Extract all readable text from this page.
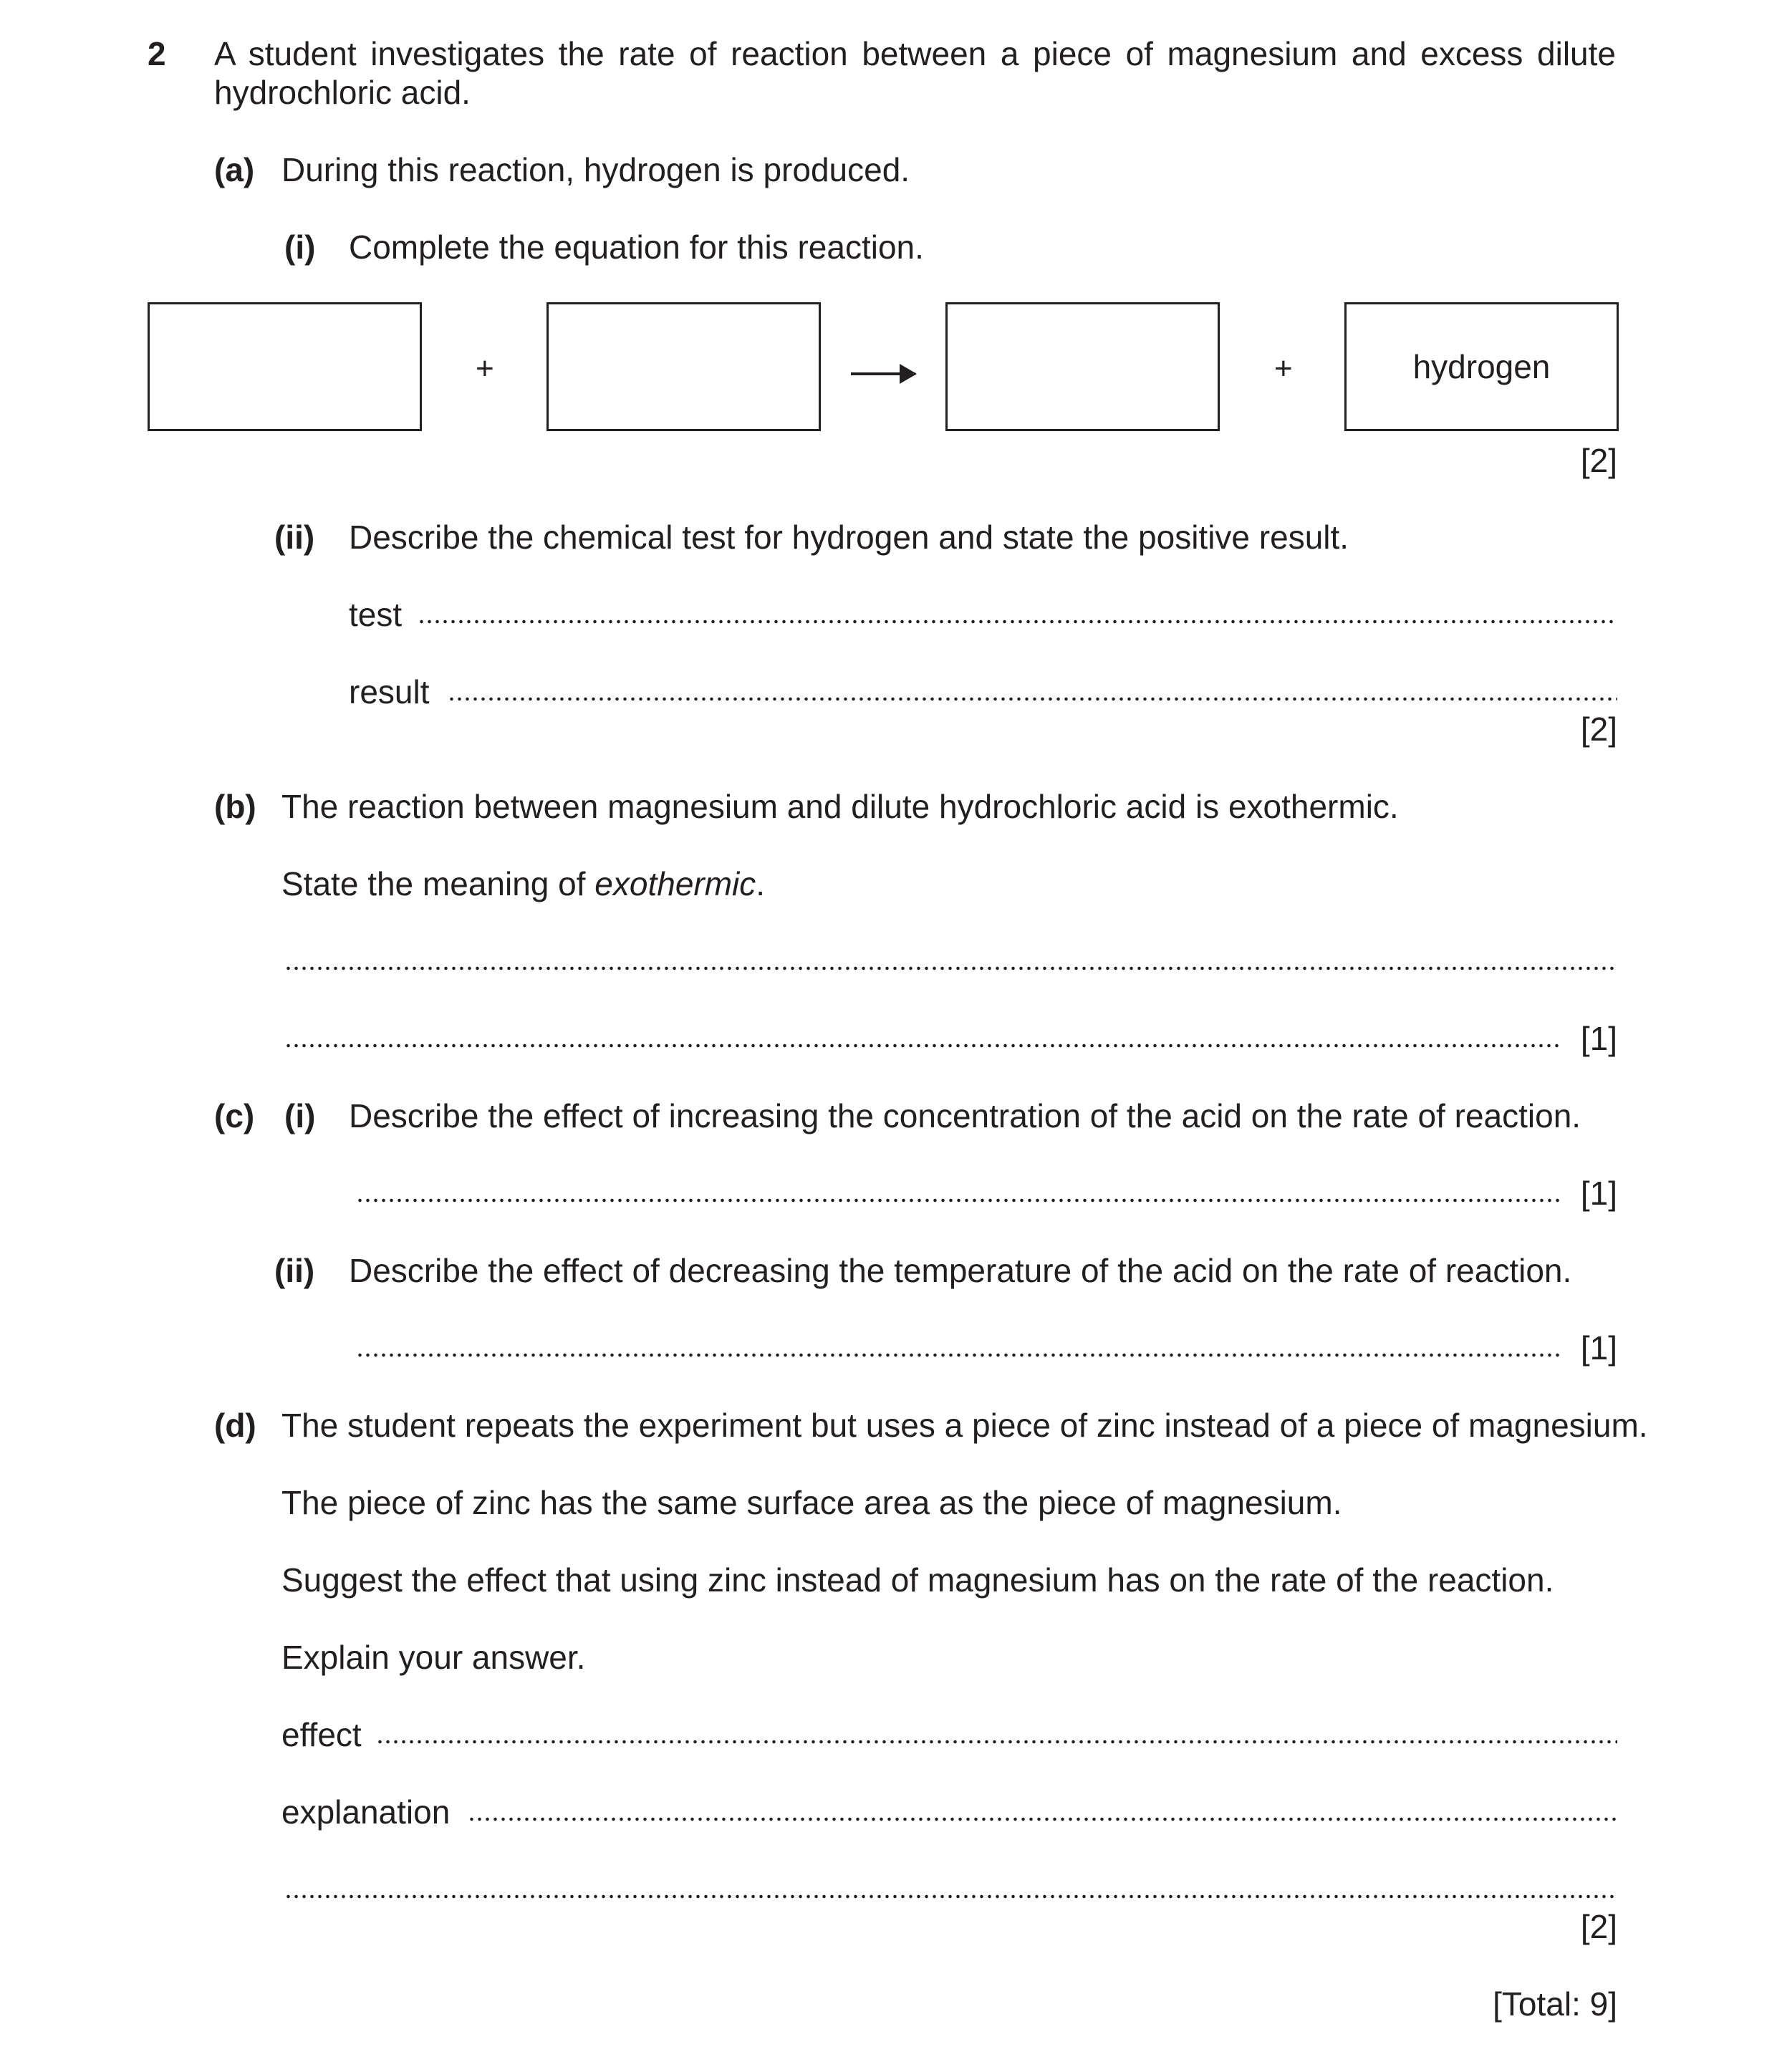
2 A student investigates the rate of reaction between a piece of magnesium and excess dilute
hydrochloric acid.
(a) During this reaction, hydrogen is produced.
(i) Complete the equation for this reaction.
+	+	hydrogen
[2]
(ii) Describe the chemical test for hydrogen and state the positive result.
test
result
[2]
(b) The reaction between magnesium and dilute hydrochloric acid is exothermic.
State the meaning of exothermic.
[1]
(c) (i) Describe the effect of increasing the concentration of the acid on the rate of reaction.
[1]
(ii) Describe the effect of decreasing the temperature of the acid on the rate of reaction.
[1]
(d) The student repeats the experiment but uses a piece of zinc instead of a piece of magnesium.
The piece of zinc has the same surface area as the piece of magnesium.
Suggest the effect that using zinc instead of magnesium has on the rate of the reaction.
Explain your answer.
effect
explanation
[2]
[Total: 9]
